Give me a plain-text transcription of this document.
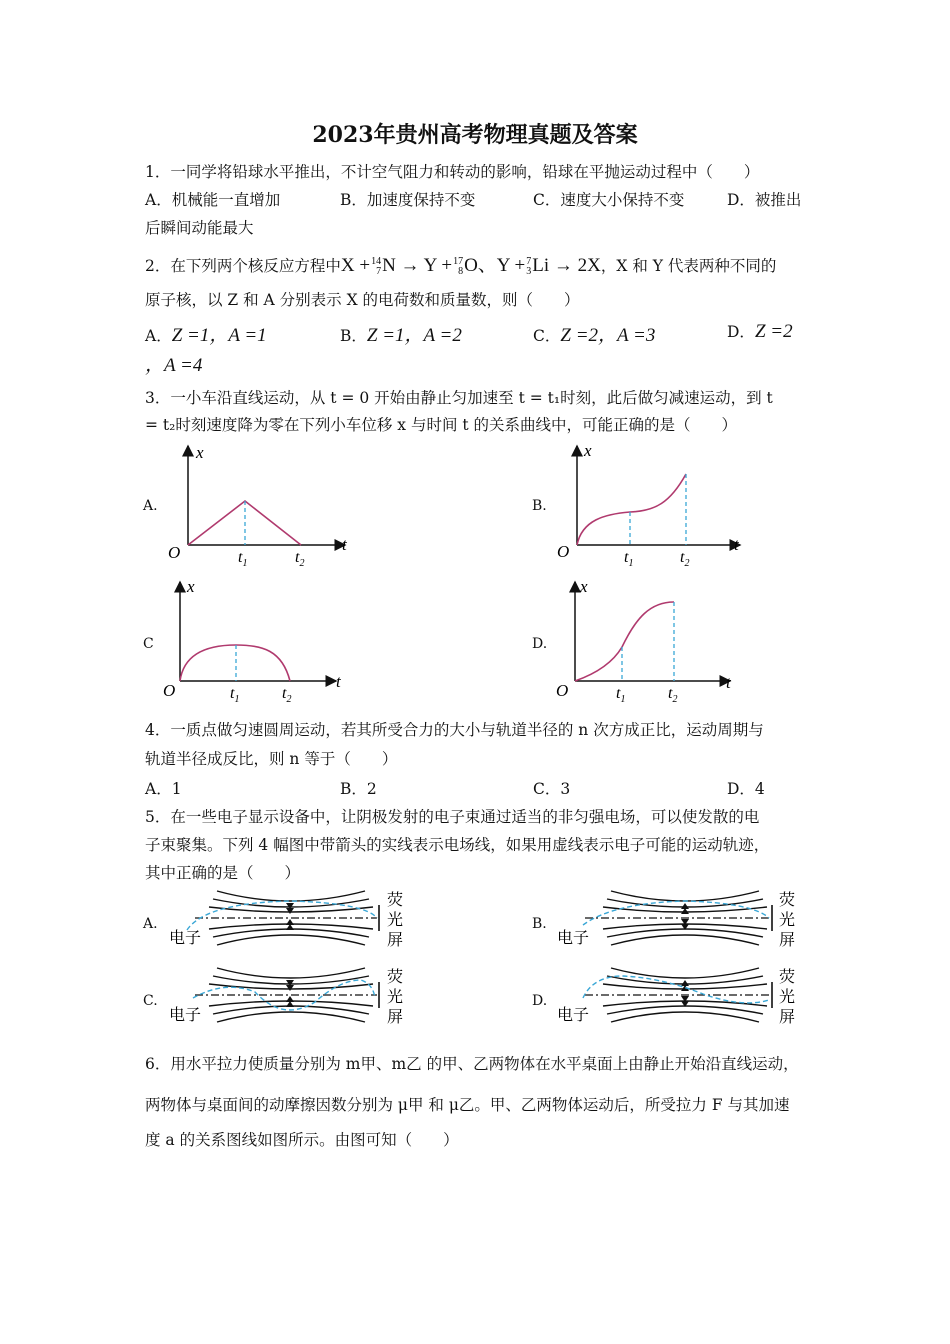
2023年贵州高考物理真题及答案
1．一同学将铅球水平推出，不计空气阻力和转动的影响，铅球在平抛运动过程中（　　）
A．机械能一直增加	B．加速度保持不变	C．速度大小保持不变	D．被推出
后瞬间动能最大
2．在下列两个核反应方程中X +14
7N → Y +17
8O、Y +7
3Li → 2X，X 和 Y 代表两种不同的
原子核，以 Z 和 A 分别表示 X 的电荷数和质量数，则（　　）
A．Z =1，A =1	B．Z =1，A =2	C．Z =2，A =3	D．Z =2
，A =4
3．一小车沿直线运动，从 t = 0 开始由静止匀加速至 t = t₁时刻，此后做匀减速运动，到 t
= t₂时刻速度降为零在下列小车位移 x 与时间 t 的关系曲线中，可能正确的是（　　）
A.	B.
C	D.
x
t
O	$t_1$	$t_2$
x
t
O	$t_1$	$t_2$
x
t
O	$t_1$	$t_2$
x
t
O	$t_1$	$t_2$
4．一质点做匀速圆周运动，若其所受合力的大小与轨道半径的 n 次方成正比，运动周期与
轨道半径成反比，则 n 等于（　　）
A．1	B．2	C．3	D．4
5．在一些电子显示设备中，让阴极发射的电子束通过适当的非匀强电场，可以使发散的电
子束聚集。下列 4 幅图中带箭头的实线表示电场线，如果用虚线表示电子可能的运动轨迹，
其中正确的是（　　）
A.	B.
C.	D.
电子
荧
光
屏	电子
荧
光
屏
电子
荧
光
屏	电子
荧
光
屏
6．用水平拉力使质量分别为 m甲、m乙 的甲、乙两物体在水平桌面上由静止开始沿直线运动，
两物体与桌面间的动摩擦因数分别为 μ甲 和 μ乙。甲、乙两物体运动后，所受拉力 F 与其加速
度 a 的关系图线如图所示。由图可知（　　）
